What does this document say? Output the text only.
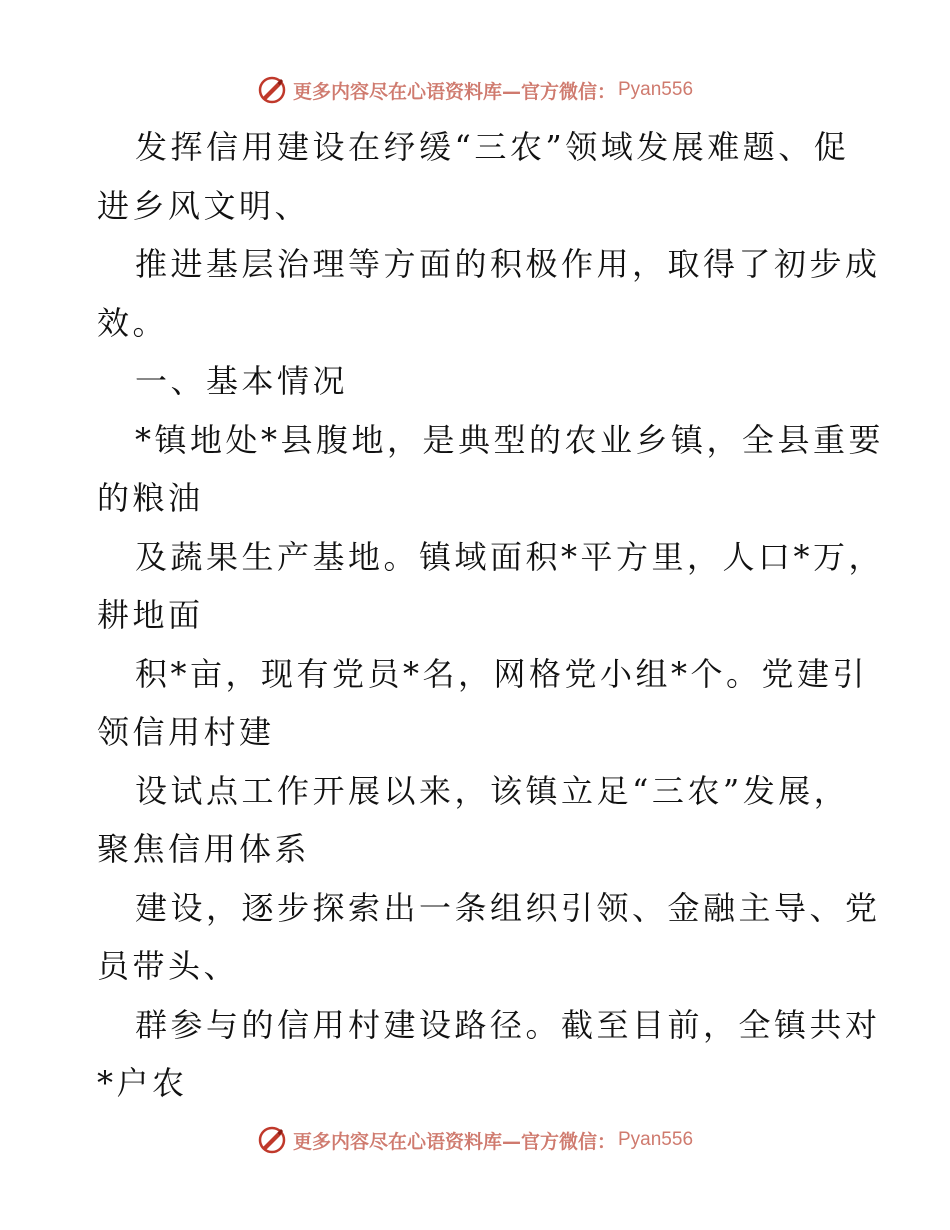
更多内容尽在心语资料库—官方微信： Pyan556
发挥信用建设在纾缓“三农”领域发展难题、促
进乡风文明、
推进基层治理等方面的积极作用，取得了初步成
效。
一、基本情况
*镇地处*县腹地，是典型的农业乡镇，全县重要
的粮油
及蔬果生产基地。镇域面积*平方里，人口*万，
耕地面
积*亩，现有党员*名，网格党小组*个。党建引
领信用村建
设试点工作开展以来，该镇立足“三农”发展，
聚焦信用体系
建设，逐步探索出一条组织引领、金融主导、党
员带头、
群参与的信用村建设路径。截至目前，全镇共对
*户农
更多内容尽在心语资料库—官方微信： Pyan556
